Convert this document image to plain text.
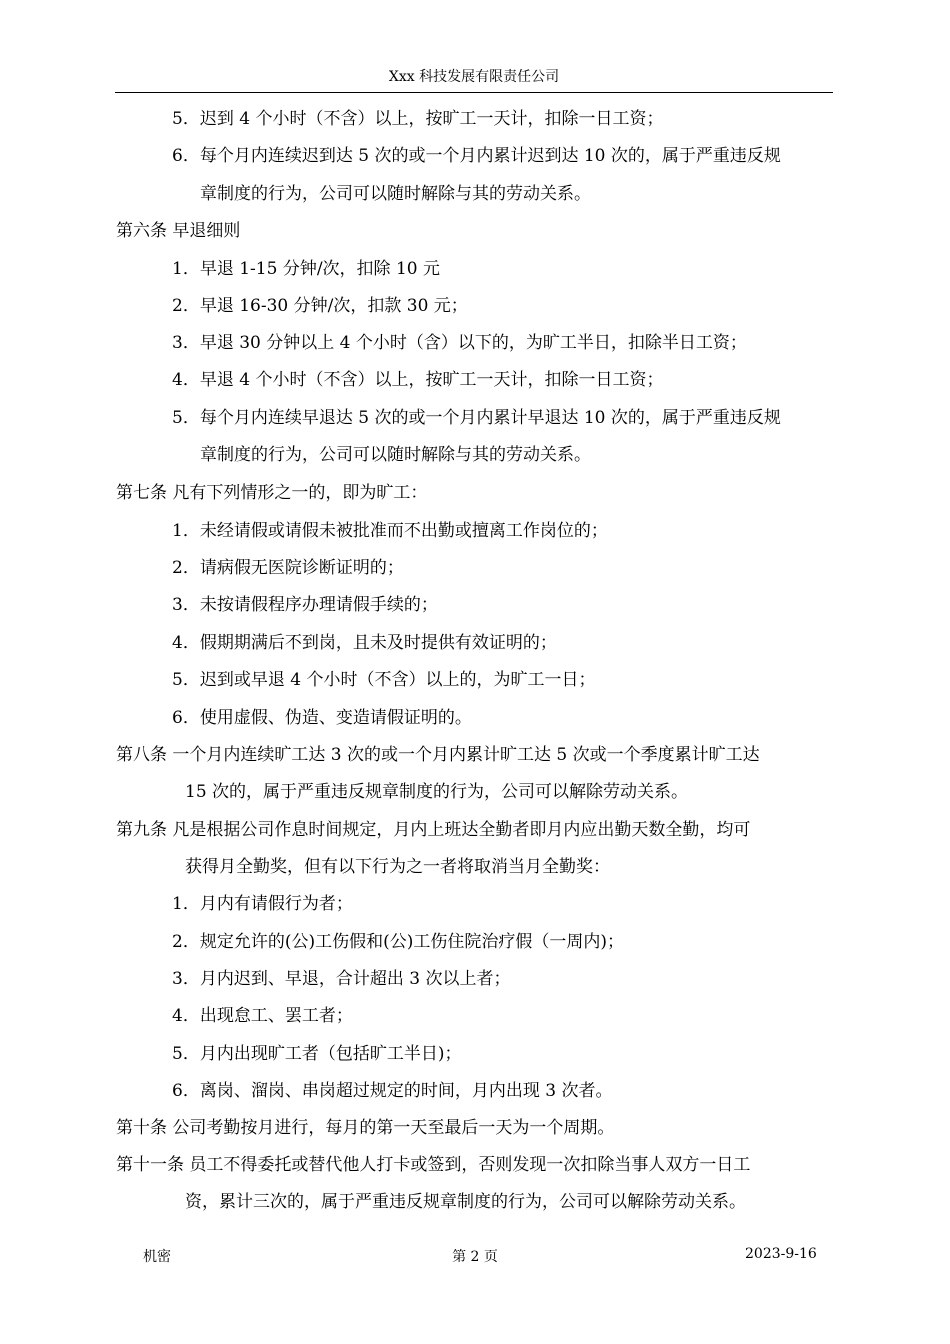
Xxx 科技发展有限责任公司
5．迟到 4 个小时（不含）以上，按旷工一天计，扣除一日工资；
6．每个月内连续迟到达 5 次的或一个月内累计迟到达 10 次的，属于严重违反规
章制度的行为，公司可以随时解除与其的劳动关系。
第六条 早退细则
1．早退 1-15 分钟/次，扣除 10 元
2．早退 16-30 分钟/次，扣款 30 元；
3．早退 30 分钟以上 4 个小时（含）以下的，为旷工半日，扣除半日工资；
4．早退 4 个小时（不含）以上，按旷工一天计，扣除一日工资；
5．每个月内连续早退达 5 次的或一个月内累计早退达 10 次的，属于严重违反规
章制度的行为，公司可以随时解除与其的劳动关系。
第七条 凡有下列情形之一的，即为旷工：
1．未经请假或请假未被批准而不出勤或擅离工作岗位的；
2．请病假无医院诊断证明的；
3．未按请假程序办理请假手续的；
4．假期期满后不到岗，且未及时提供有效证明的；
5．迟到或早退 4 个小时（不含）以上的，为旷工一日；
6．使用虚假、伪造、变造请假证明的。
第八条 一个月内连续旷工达 3 次的或一个月内累计旷工达 5 次或一个季度累计旷工达
15 次的，属于严重违反规章制度的行为，公司可以解除劳动关系。
第九条 凡是根据公司作息时间规定，月内上班达全勤者即月内应出勤天数全勤，均可
获得月全勤奖，但有以下行为之一者将取消当月全勤奖：
1．月内有请假行为者；
2．规定允许的(公)工伤假和(公)工伤住院治疗假（一周内)；
3．月内迟到、早退，合计超出 3 次以上者；
4．出现怠工、罢工者；
5．月内出现旷工者（包括旷工半日)；
6．离岗、溜岗、串岗超过规定的时间，月内出现 3 次者。
第十条 公司考勤按月进行，每月的第一天至最后一天为一个周期。
第十一条 员工不得委托或替代他人打卡或签到，否则发现一次扣除当事人双方一日工
资，累计三次的，属于严重违反规章制度的行为，公司可以解除劳动关系。
机密	第 2 页	2023-9-16
